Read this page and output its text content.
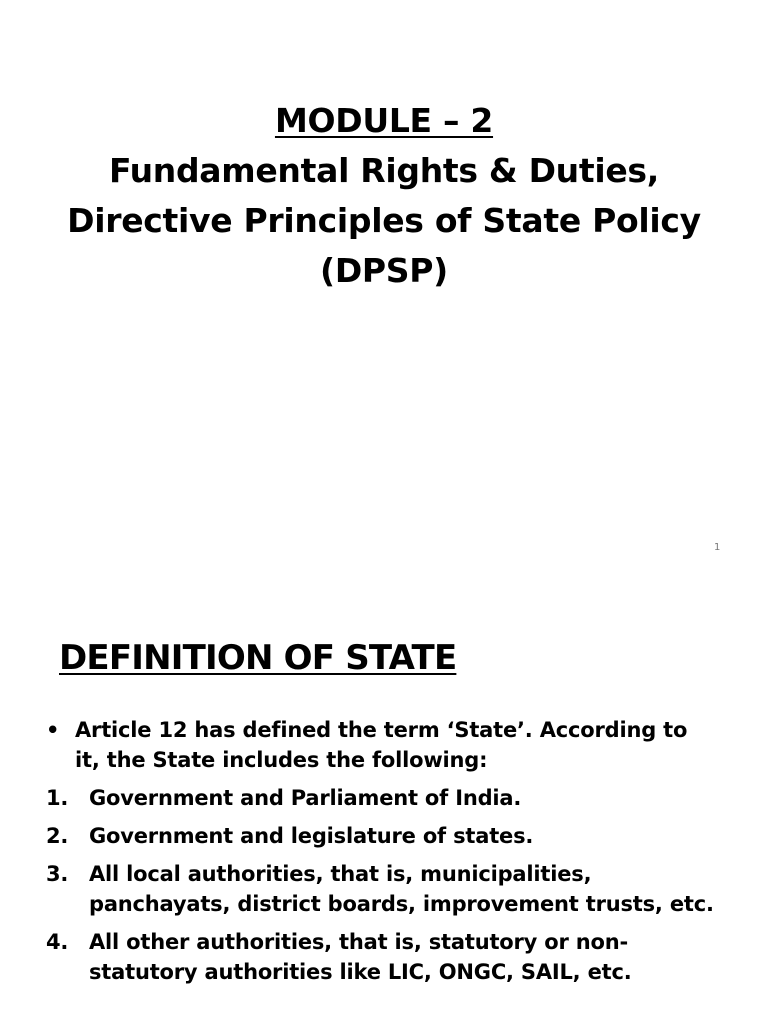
MODULE – 2
Fundamental Rights & Duties,
Directive Principles of State Policy
(DPSP)
1
DEFINITION OF STATE
• Article 12 has defined the term ‘State’. According to it, the State includes the following:
1. Government and Parliament of India.
2. Government and legislature of states.
3. All local authorities, that is, municipalities, panchayats, district boards, improvement trusts, etc.
4. All other authorities, that is, statutory or non- statutory authorities like LIC, ONGC, SAIL, etc.
